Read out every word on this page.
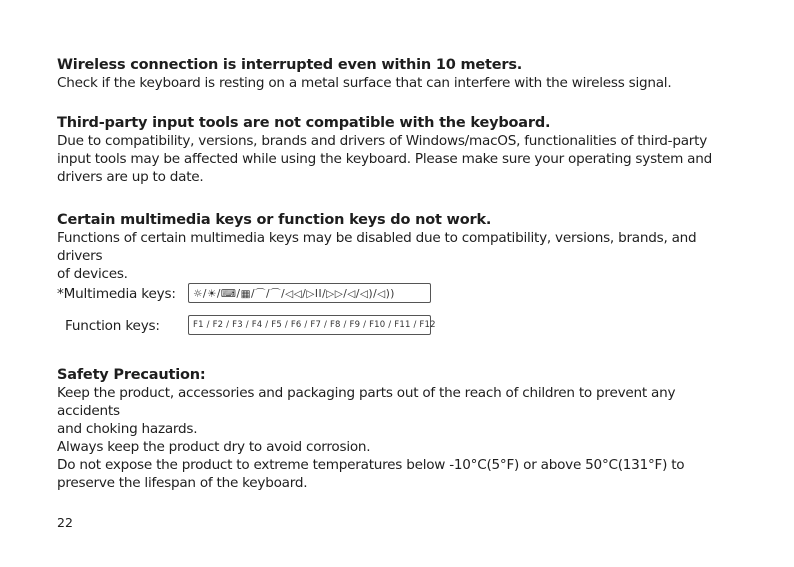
Wireless connection is interrupted even within 10 meters.

Check if the keyboard is resting on a metal surface that can interfere with the wireless signal.

Third-party input tools are not compatible with the keyboard.

Due to compatibility, versions, brands and drivers of Windows/macOS, functionalities of third-party

input tools may be affected while using the keyboard. Please make sure your operating system and

drivers are up to date.

Certain multimedia keys or function keys do not work.

Functions of certain multimedia keys may be disabled due to compatibility, versions, brands, and drivers

of devices.

*Multimedia keys:	☼/☀/⌨/▦/⌒/⌒/◁◁/▷II/▷▷/◁/◁)/◁))
Function keys:	F1 / F2 / F3 / F4 / F5 / F6 / F7 / F8 / F9 / F10 / F11 / F12

Safety Precaution:

Keep the product, accessories and packaging parts out of the reach of children to prevent any accidents

and choking hazards.

Always keep the product dry to avoid corrosion.

Do not expose the product to extreme temperatures below -10°C(5°F) or above 50°C(131°F) to

preserve the lifespan of the keyboard.

22
